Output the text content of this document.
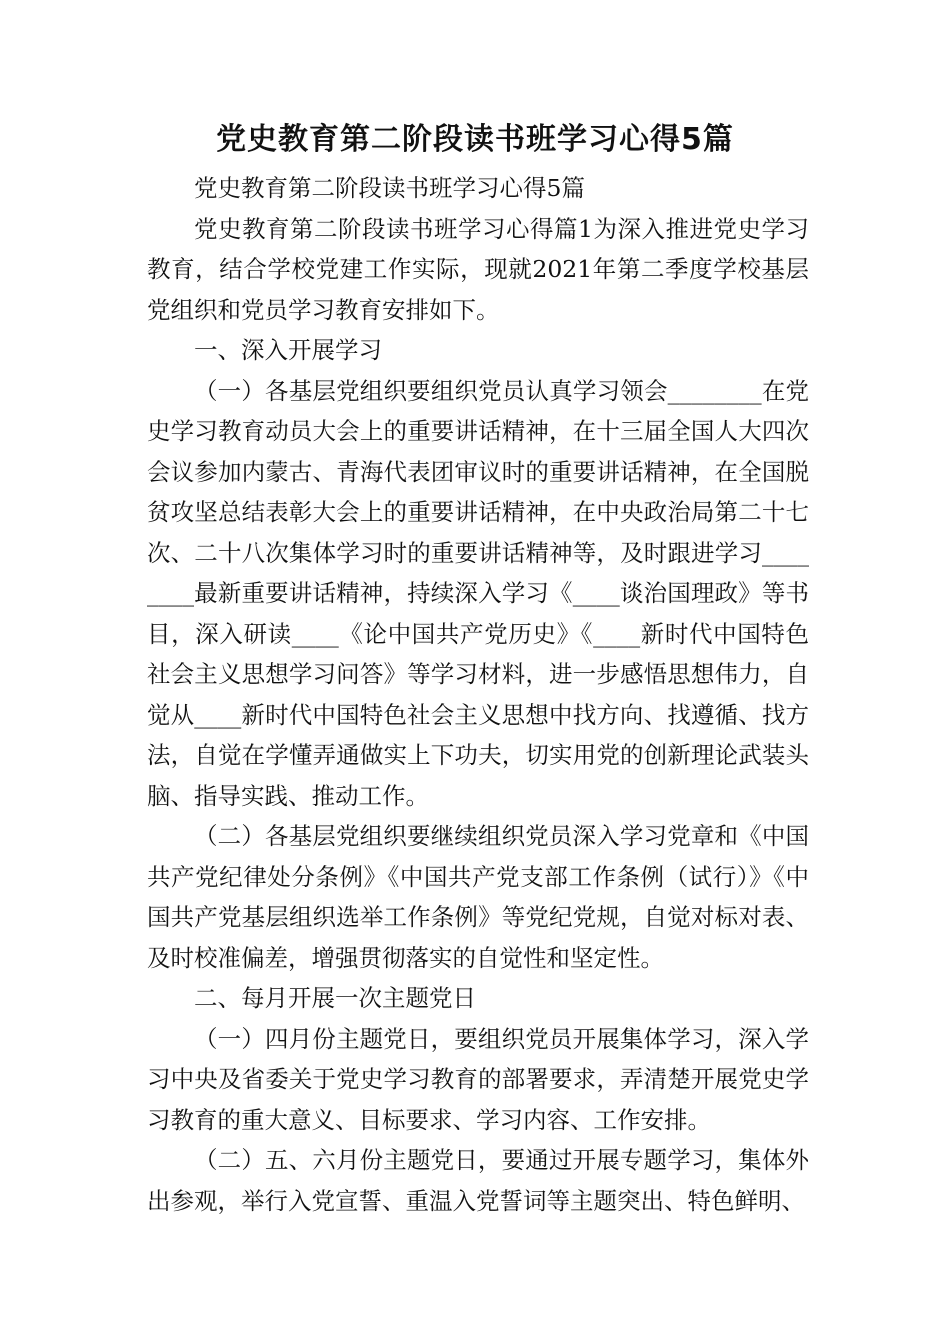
党史教育第二阶段读书班学习心得5篇

党史教育第二阶段读书班学习心得5篇

党史教育第二阶段读书班学习心得篇1为深入推进党史学习教育，结合学校党建工作实际，现就2021年第二季度学校基层党组织和党员学习教育安排如下。

一、深入开展学习

（一）各基层党组织要组织党员认真学习领会________在党史学习教育动员大会上的重要讲话精神，在十三届全国人大四次会议参加内蒙古、青海代表团审议时的重要讲话精神，在全国脱贫攻坚总结表彰大会上的重要讲话精神，在中央政治局第二十七次、二十八次集体学习时的重要讲话精神等，及时跟进学习________最新重要讲话精神，持续深入学习《____谈治国理政》等书目，深入研读____《论中国共产党历史》《____新时代中国特色社会主义思想学习问答》等学习材料，进一步感悟思想伟力，自觉从____新时代中国特色社会主义思想中找方向、找遵循、找方法，自觉在学懂弄通做实上下功夫，切实用党的创新理论武装头脑、指导实践、推动工作。

（二）各基层党组织要继续组织党员深入学习党章和《中国共产党纪律处分条例》《中国共产党支部工作条例（试行）》《中国共产党基层组织选举工作条例》等党纪党规，自觉对标对表、及时校准偏差，增强贯彻落实的自觉性和坚定性。

二、每月开展一次主题党日

（一）四月份主题党日，要组织党员开展集体学习，深入学习中央及省委关于党史学习教育的部署要求，弄清楚开展党史学习教育的重大意义、目标要求、学习内容、工作安排。

（二）五、六月份主题党日，要通过开展专题学习，集体外出参观，举行入党宣誓、重温入党誓词等主题突出、特色鲜明、
